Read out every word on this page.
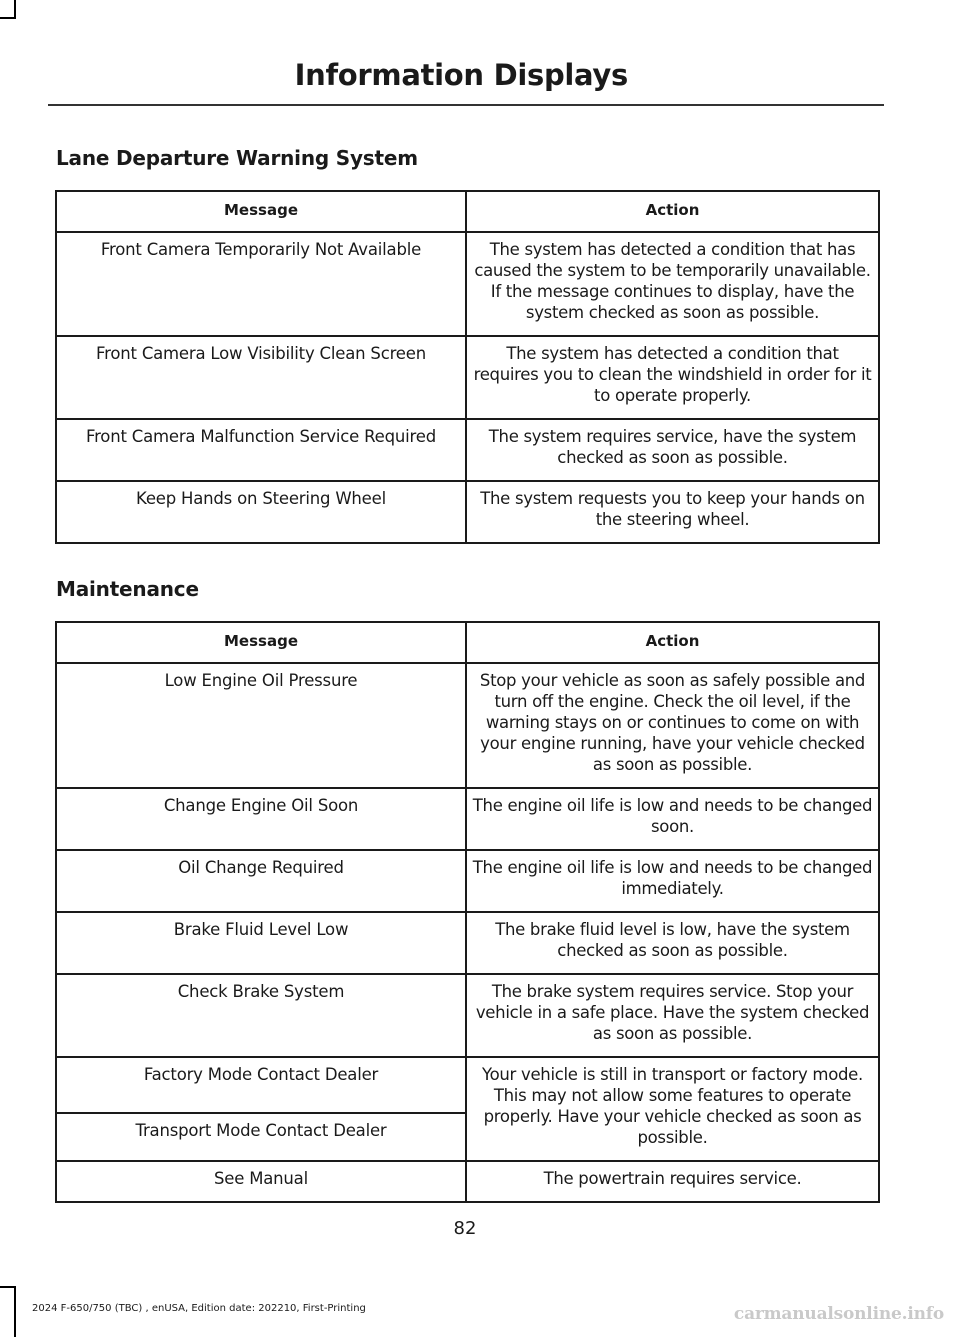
Information Displays
Lane Departure Warning System
Message	Action
Front Camera Temporarily Not Available	The system has detected a condition that has caused the system to be temporarily unavailable. If the message continues to display, have the system checked as soon as possible.
Front Camera Low Visibility Clean Screen	The system has detected a condition that requires you to clean the windshield in order for it to operate properly.
Front Camera Malfunction Service Required	The system requires service, have the system checked as soon as possible.
Keep Hands on Steering Wheel	The system requests you to keep your hands on the steering wheel.
Maintenance
Message	Action
Low Engine Oil Pressure	Stop your vehicle as soon as safely possible and turn off the engine. Check the oil level, if the warning stays on or continues to come on with your engine running, have your vehicle checked as soon as possible.
Change Engine Oil Soon	The engine oil life is low and needs to be changed soon.
Oil Change Required	The engine oil life is low and needs to be changed immediately.
Brake Fluid Level Low	The brake fluid level is low, have the system checked as soon as possible.
Check Brake System	The brake system requires service. Stop your vehicle in a safe place. Have the system checked as soon as possible.
Factory Mode Contact Dealer	Your vehicle is still in transport or factory mode. This may not allow some features to operate properly. Have your vehicle checked as soon as possible.
Transport Mode Contact Dealer	
See Manual	The powertrain requires service.
82
2024 F-650/750 (TBC) , enUSA, Edition date: 202210, First-Printing	carmanualsonline.info
